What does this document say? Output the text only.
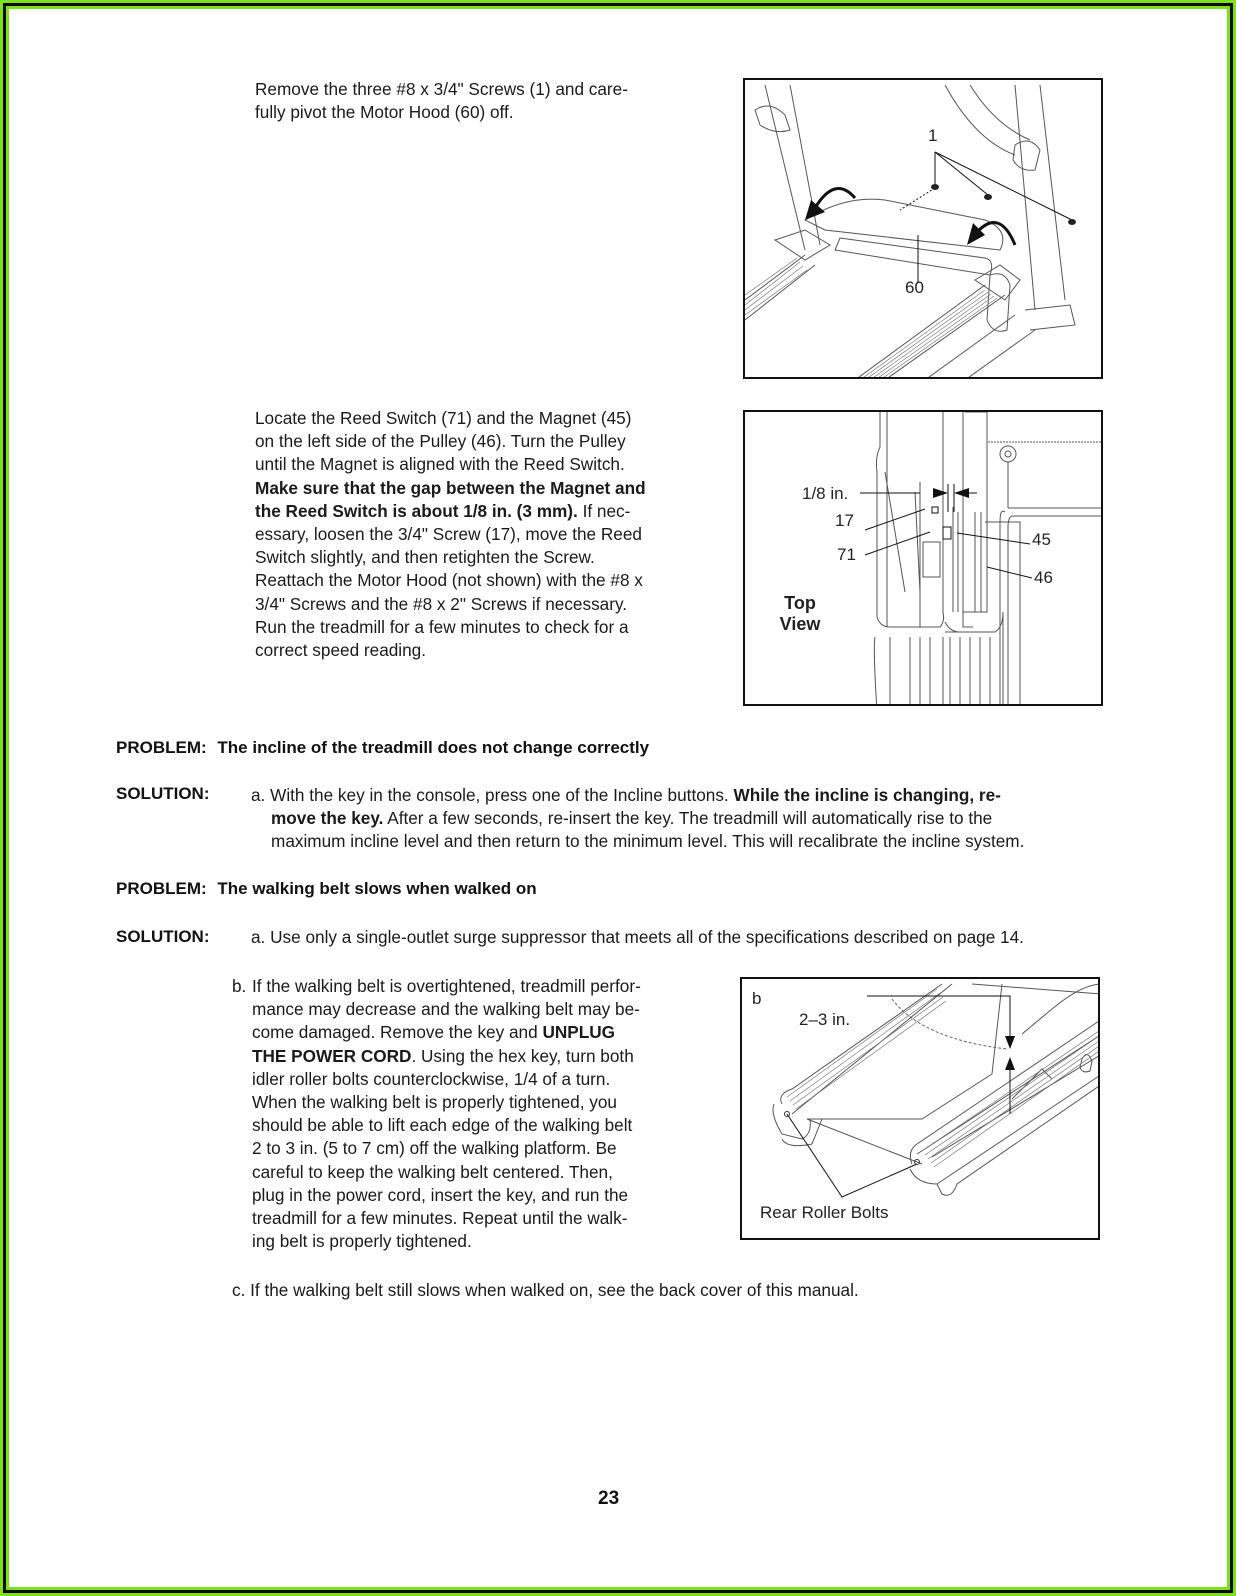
Remove the three #8 x 3/4" Screws (1) and care-
fully pivot the Motor Hood (60) off.
1
60
Locate the Reed Switch (71) and the Magnet (45)
on the left side of the Pulley (46). Turn the Pulley
until the Magnet is aligned with the Reed Switch.
Make sure that the gap between the Magnet and
the Reed Switch is about 1/8 in. (3 mm). If nec-
essary, loosen the 3/4" Screw (17), move the Reed
Switch slightly, and then retighten the Screw.
Reattach the Motor Hood (not shown) with the #8 x
3/4" Screws and the #8 x 2" Screws if necessary.
Run the treadmill for a few minutes to check for a
correct speed reading.
1/8 in.
17
71
45
46
Top
View
PROBLEM: The incline of the treadmill does not change correctly
SOLUTION: a. With the key in the console, press one of the Incline buttons. While the incline is changing, re-
move the key. After a few seconds, re-insert the key. The treadmill will automatically rise to the
maximum incline level and then return to the minimum level. This will recalibrate the incline system.
PROBLEM: The walking belt slows when walked on
SOLUTION: a. Use only a single-outlet surge suppressor that meets all of the specifications described on page 14.
b. If the walking belt is overtightened, treadmill perfor-
mance may decrease and the walking belt may be-
come damaged. Remove the key and UNPLUG
THE POWER CORD. Using the hex key, turn both
idler roller bolts counterclockwise, 1/4 of a turn.
When the walking belt is properly tightened, you
should be able to lift each edge of the walking belt
2 to 3 in. (5 to 7 cm) off the walking platform. Be
careful to keep the walking belt centered. Then,
plug in the power cord, insert the key, and run the
treadmill for a few minutes. Repeat until the walk-
ing belt is properly tightened.
b
2–3 in.
Rear Roller Bolts
c. If the walking belt still slows when walked on, see the back cover of this manual.
23
